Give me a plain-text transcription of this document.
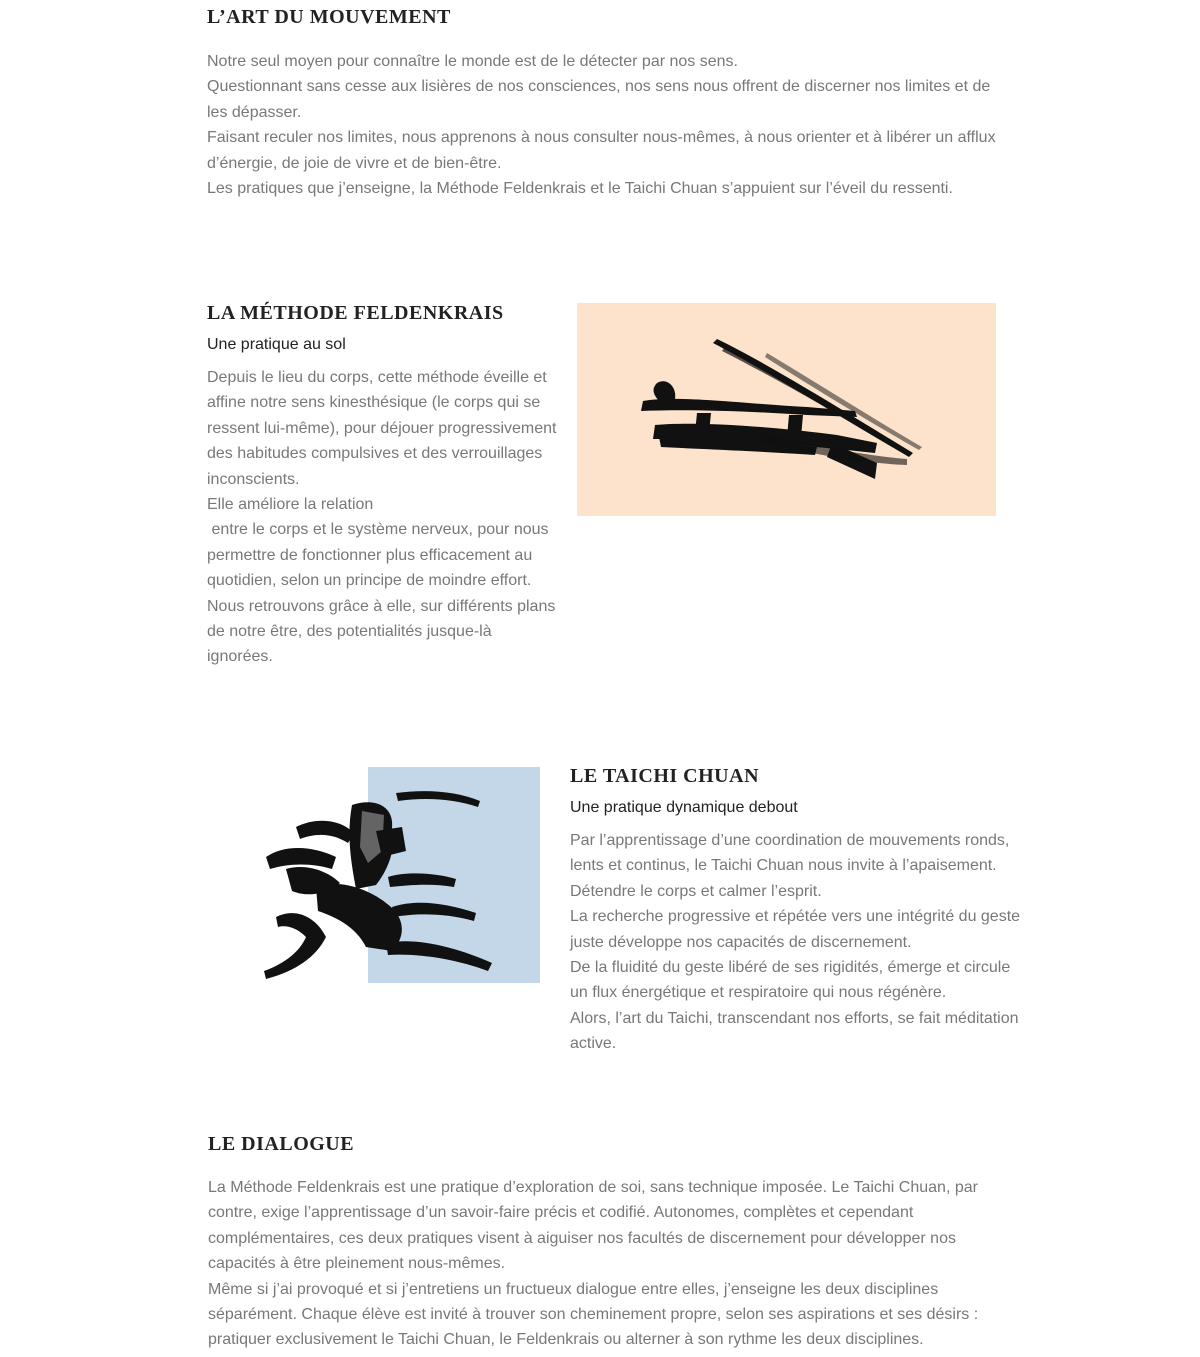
L’ART DU MOUVEMENT

Notre seul moyen pour connaître le monde est de le détecter par nos sens.

Questionnant sans cesse aux lisières de nos consciences, nos sens nous offrent de discerner nos limites et de les dépasser.

Faisant reculer nos limites, nous apprenons à nous consulter nous-mêmes, à nous orienter et à libérer un afflux d’énergie, de joie de vivre et de bien-être.

Les pratiques que j’enseigne, la Méthode Feldenkrais et le Taichi Chuan s’appuient sur l’éveil du ressenti.

LA MÉTHODE FELDENKRAIS

Une pratique au sol

Depuis le lieu du corps, cette méthode éveille et affine notre sens kinesthésique (le corps qui se ressent lui-même), pour déjouer progressivement des habitudes compulsives et des verrouillages inconscients.

Elle améliore la relation

entre le corps et le système nerveux, pour nous permettre de fonctionner plus efficacement au quotidien, selon un principe de moindre effort.

Nous retrouvons grâce à elle, sur différents plans de notre être, des potentialités jusque-là ignorées.

LE TAICHI CHUAN

Une pratique dynamique debout

Par l’apprentissage d’une coordination de mouvements ronds, lents et continus, le Taichi Chuan nous invite à l’apaisement.

Détendre le corps et calmer l’esprit.

La recherche progressive et répétée vers une intégrité du geste juste développe nos capacités de discernement.

De la fluidité du geste libéré de ses rigidités, émerge et circule un flux énergétique et respiratoire qui nous régénère.

Alors, l’art du Taichi, transcendant nos efforts, se fait méditation active.

LE DIALOGUE

La Méthode Feldenkrais est une pratique d’exploration de soi, sans technique imposée. Le Taichi Chuan, par contre, exige l’apprentissage d’un savoir-faire précis et codifié. Autonomes, complètes et cependant complémentaires, ces deux pratiques visent à aiguiser nos facultés de discernement pour développer nos capacités à être pleinement nous-mêmes.

Même si j’ai provoqué et si j’entretiens un fructueux dialogue entre elles, j’enseigne les deux disciplines séparément. Chaque élève est invité à trouver son cheminement propre, selon ses aspirations et ses désirs : pratiquer exclusivement le Taichi Chuan, le Feldenkrais ou alterner à son rythme les deux disciplines.
